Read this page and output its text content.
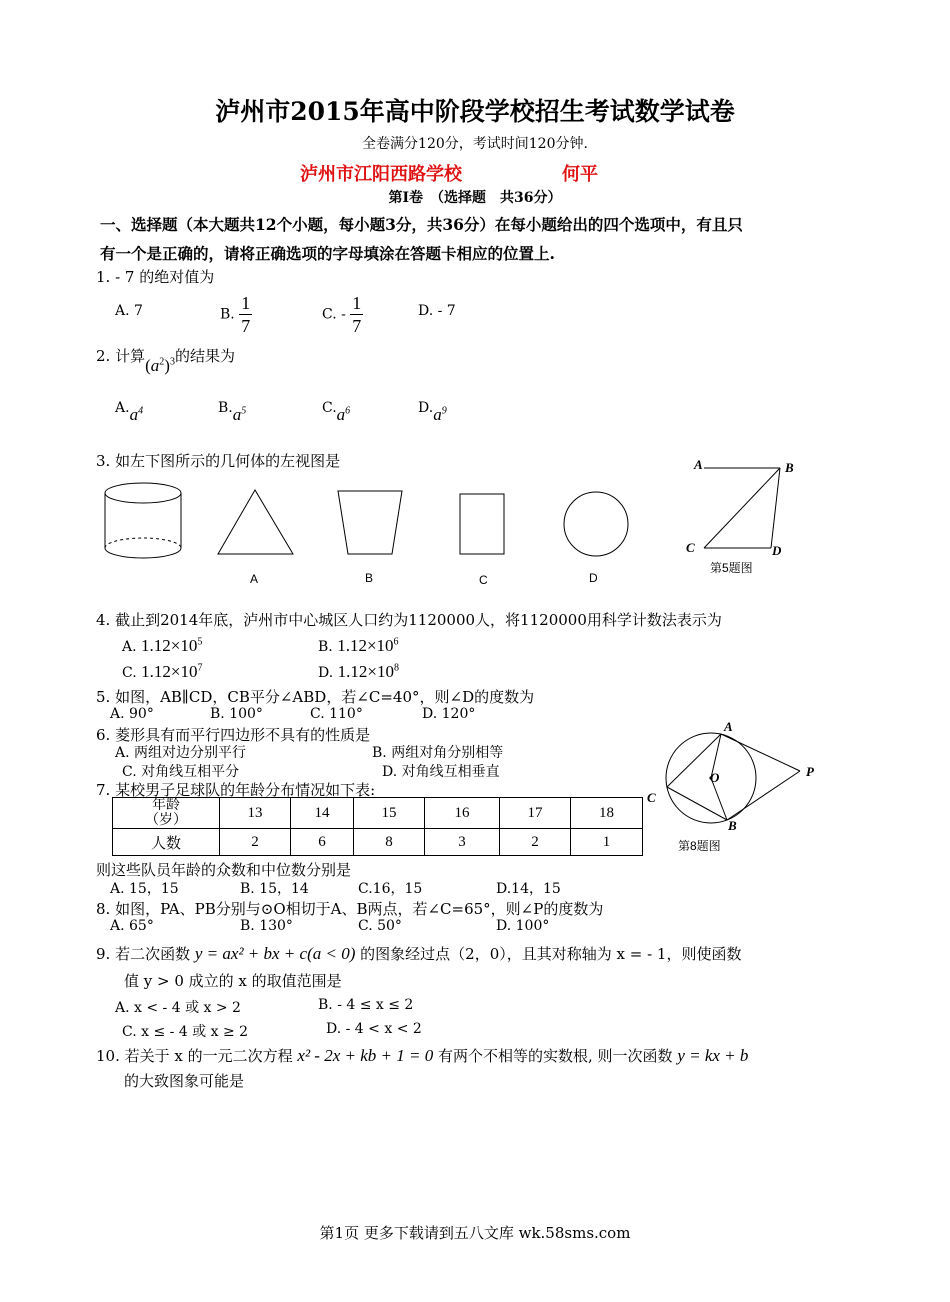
泸州市2015年高中阶段学校招生考试数学试卷
全卷满分120分，考试时间120分钟.
泸州市江阳西路学校	何平
第Ⅰ卷　（选择题　共36分）
一、选择题（本大题共12个小题，每小题3分，共36分）在每小题给出的四个选项中，有且只
有一个是正确的，请将正确选项的字母填涂在答题卡相应的位置上.
1. - 7 的绝对值为
A. 7	B. $\frac{1}{7}$	C. - $\frac{1}{7}$	D. - 7
2. 计算$(a^2)^3$的结果为
$A.a^4$	$B.a^5$	$C.a^6$	$D.a^9$
3. 如左下图所示的几何体的左视图是
A	B	C	D
A	B
C	D
第5题图
4. 截止到2014年底，泸州市中心城区人口约为1120000人，将1120000用科学计数法表示为
A. $1.12\times 10^5$	B. $1.12\times 10^6$
C. $1.12\times 10^7$	D. $1.12\times 10^8$
5. 如图，AB∥CD，CB平分∠ABD，若∠C=40°，则∠D的度数为
A. 90°	B. 100°	C. 110°	D. 120°
6. 菱形具有而平行四边形不具有的性质是
A. 两组对边分别平行	B. 两组对角分别相等
C. 对角线互相平分	D. 对角线互相垂直
A
O	P
C
B
第8题图
7. 某校男子足球队的年龄分布情况如下表:
年龄
（岁）	13	14	15	16	17	18
人数	2	6	8	3	2	1
则这些队员年龄的众数和中位数分别是
A. 15，15	B. 15，14	C.16，15	D.14，15
8. 如图，PA、PB分别与⊙O相切于A、B两点，若∠C=65°，则∠P的度数为
A. 65°	B. 130°	C. 50°	D. 100°
9. 若二次函数 y = ax² + bx + c(a < 0) 的图象经过点（2，0），且其对称轴为 x = - 1，则使函数
值 y > 0 成立的 x 的取值范围是
A. x < - 4 或 x > 2	B. - 4 ≤ x ≤ 2
C. x ≤ - 4 或 x ≥ 2	D. - 4 < x < 2
10. 若关于 x 的一元二次方程 x² - 2x + kb + 1 = 0 有两个不相等的实数根, 则一次函数 y = kx + b
的大致图象可能是
第1页 更多下载请到五八文库 wk.58sms.com
